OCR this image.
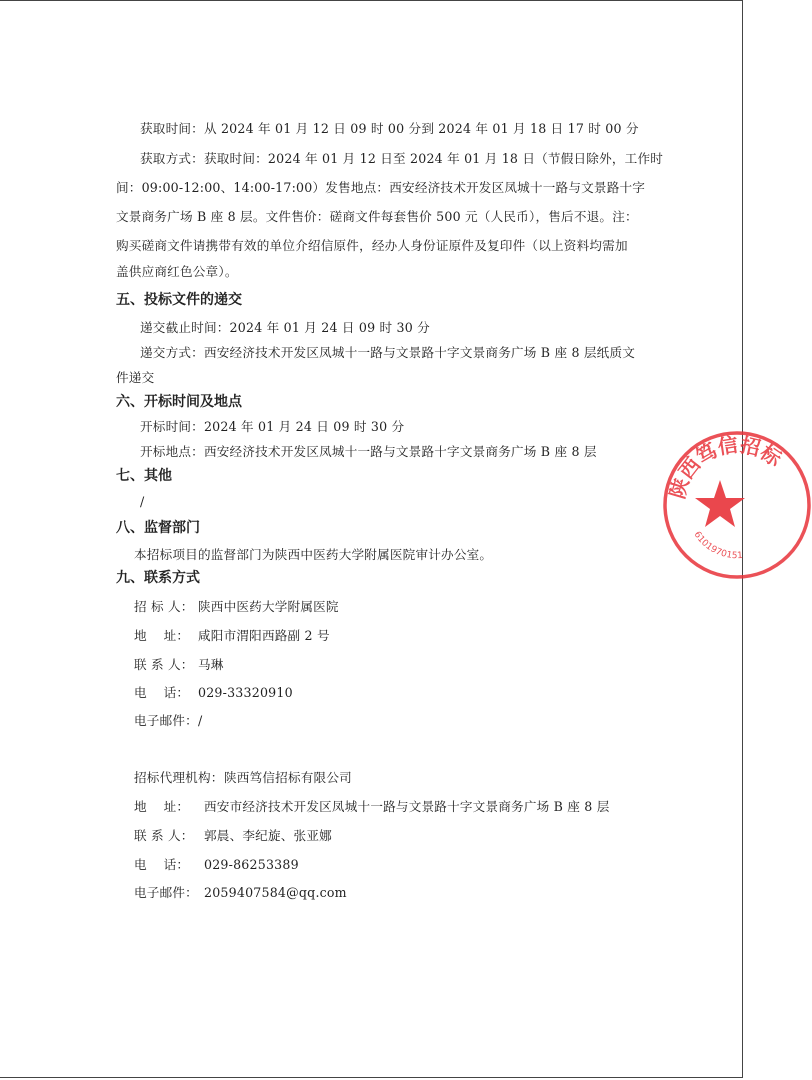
获取时间：从 2024 年 01 月 12 日 09 时 00 分到 2024 年 01 月 18 日 17 时 00 分
获取方式：获取时间：2024 年 01 月 12 日至 2024 年 01 月 18 日（节假日除外，工作时
间：09:00-12:00、14:00-17:00）发售地点：西安经济技术开发区凤城十一路与文景路十字
文景商务广场 B 座 8 层。文件售价：磋商文件每套售价 500 元（人民币），售后不退。注：
购买磋商文件请携带有效的单位介绍信原件，经办人身份证原件及复印件（以上资料均需加
盖供应商红色公章）。
五、投标文件的递交
递交截止时间：2024 年 01 月 24 日 09 时 30 分
递交方式：西安经济技术开发区凤城十一路与文景路十字文景商务广场 B 座 8 层纸质文
件递交
六、开标时间及地点
开标时间：2024 年 01 月 24 日 09 时 30 分
开标地点：西安经济技术开发区凤城十一路与文景路十字文景商务广场 B 座 8 层
七、其他
/
八、监督部门
本招标项目的监督部门为陕西中医药大学附属医院审计办公室。
九、联系方式
招 标 人： 陕西中医药大学附属医院
地    址： 咸阳市渭阳西路副 2 号
联 系 人： 马琳
电    话： 029-33320910
电子邮件： /
招标代理机构： 陕西笃信招标有限公司
地    址： 西安市经济技术开发区凤城十一路与文景路十字文景商务广场 B 座 8 层
联 系 人： 郭晨、李纪旋、张亚娜
电    话： 029-86253389
电子邮件： 2059407584@qq.com
陕西笃信招标
6101970151
